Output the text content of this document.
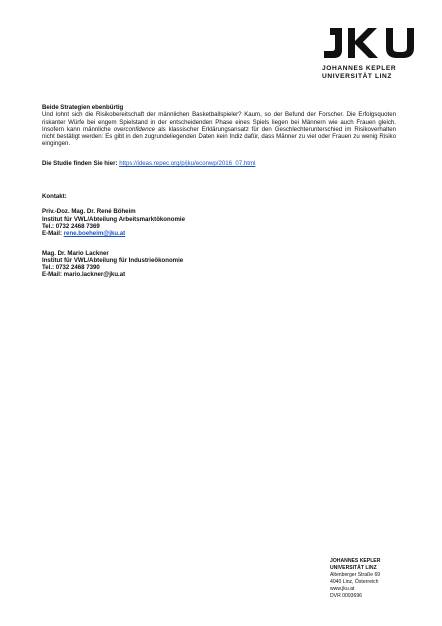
JOHANNES KEPLER
UNIVERSITÄT LINZ
Beide Strategien ebenbürtig
Und lohnt sich die Risikobereitschaft der männlichen Basketballspieler? Kaum, so der Befund der Forscher. Die Erfolgsquoten riskanter Würfe bei engem Spielstand in der entscheidenden Phase eines Spiels liegen bei Männern wie auch Frauen gleich. Insofern kann männliche overconfidence als klassischer Erklärungsansatz für den Geschlechterunterschied im Risikoverhalten nicht bestätigt werden: Es gibt in den zugrundeliegenden Daten kein Indiz dafür, dass Männer zu viel oder Frauen zu wenig Risiko eingingen.
Die Studie finden Sie hier: https://ideas.repec.org/p/jku/econwp/2016_07.html
Kontakt:
Priv.-Doz. Mag. Dr. René Böheim
Institut für VWL/Abteilung Arbeitsmarktökonomie
Tel.: 0732 2468 7369
E-Mail: rene.boeheim@jku.at
Mag. Dr. Mario Lackner
Institut für VWL/Abteilung für Industrieökonomie
Tel.: 0732 2468 7390
E-Mail: mario.lackner@jku.at
JOHANNES KEPLER
UNIVERSITÄT LINZ
Altenberger Straße 69
4040 Linz, Österreich
www.jku.at
DVR 0093696
